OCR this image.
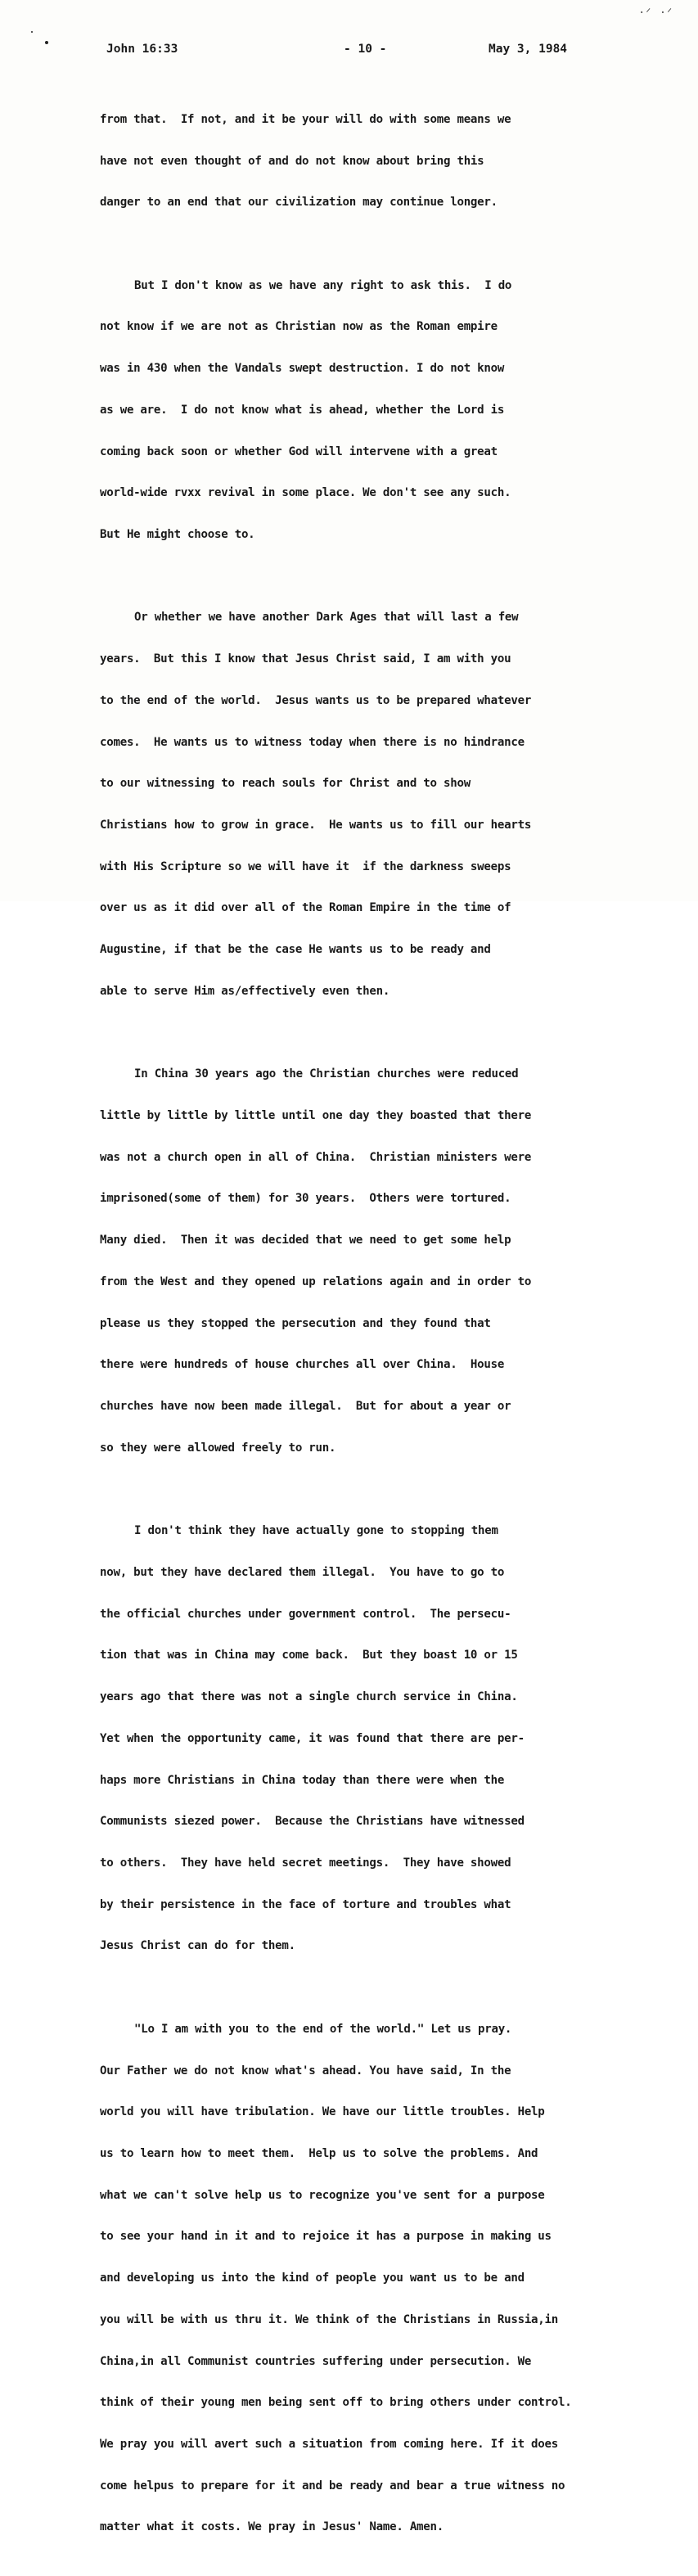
·ᐟ ·ᐟ
John 16:33	- 10 -	May 3, 1984

from that.  If not, and it be your will do with some means we

have not even thought of and do not know about bring this

danger to an end that our civilization may continue longer.

But I don't know as we have any right to ask this.  I do

not know if we are not as Christian now as the Roman empire

was in 430 when the Vandals swept destruction. I do not know

as we are.  I do not know what is ahead, whether the Lord is

coming back soon or whether God will intervene with a great

world-wide rvxx revival in some place. We don't see any such.

But He might choose to.

Or whether we have another Dark Ages that will last a few

years.  But this I know that Jesus Christ said, I am with you

to the end of the world.  Jesus wants us to be prepared whatever

comes.  He wants us to witness today when there is no hindrance

to our witnessing to reach souls for Christ and to show

Christians how to grow in grace.  He wants us to fill our hearts

with His Scripture so we will have it  if the darkness sweeps

over us as it did over all of the Roman Empire in the time of

Augustine, if that be the case He wants us to be ready and

able to serve Him as/effectively even then.

In China 30 years ago the Christian churches were reduced

little by little by little until one day they boasted that there

was not a church open in all of China.  Christian ministers were

imprisoned(some of them) for 30 years.  Others were tortured.

Many died.  Then it was decided that we need to get some help

from the West and they opened up relations again and in order to

please us they stopped the persecution and they found that

there were hundreds of house churches all over China.  House

churches have now been made illegal.  But for about a year or

so they were allowed freely to run.

I don't think they have actually gone to stopping them

now, but they have declared them illegal.  You have to go to

the official churches under government control.  The persecu-

tion that was in China may come back.  But they boast 10 or 15

years ago that there was not a single church service in China.

Yet when the opportunity came, it was found that there are per-

haps more Christians in China today than there were when the

Communists siezed power.  Because the Christians have witnessed

to others.  They have held secret meetings.  They have showed

by their persistence in the face of torture and troubles what

Jesus Christ can do for them.

"Lo I am with you to the end of the world." Let us pray.

Our Father we do not know what's ahead. You have said, In the

world you will have tribulation. We have our little troubles. Help

us to learn how to meet them.  Help us to solve the problems. And

what we can't solve help us to recognize you've sent for a purpose

to see your hand in it and to rejoice it has a purpose in making us

and developing us into the kind of people you want us to be and

you will be with us thru it. We think of the Christians in Russia,in

China,in all Communist countries suffering under persecution. We

think of their young men being sent off to bring others under control.

We pray you will avert such a situation from coming here. If it does

come helpus to prepare for it and be ready and bear a true witness no

matter what it costs. We pray in Jesus' Name. Amen.
